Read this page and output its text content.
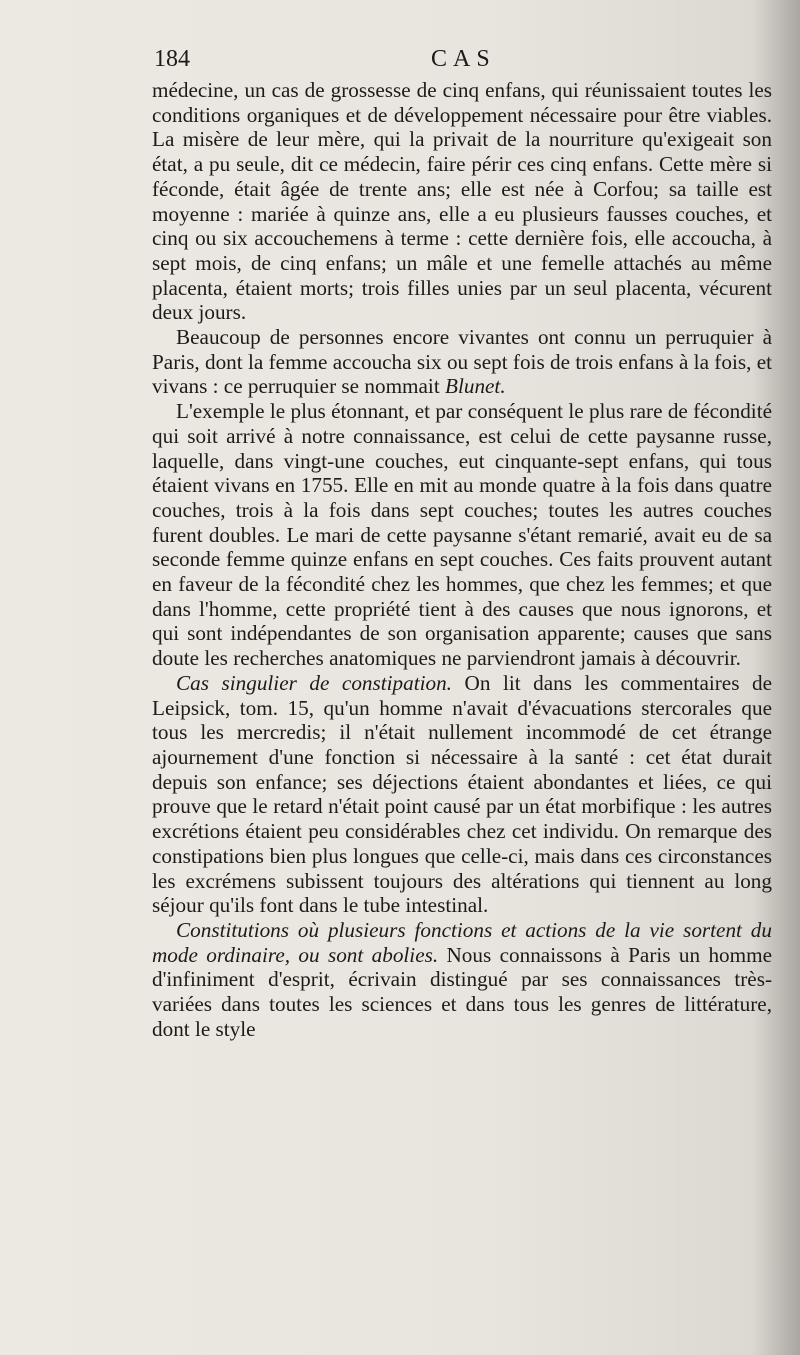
184	CAS

médecine, un cas de grossesse de cinq enfans, qui réunissaient toutes les conditions organiques et de développement nécessaire pour être viables. La misère de leur mère, qui la privait de la nourriture qu'exigeait son état, a pu seule, dit ce médecin, faire périr ces cinq enfans. Cette mère si féconde, était âgée de trente ans; elle est née à Corfou; sa taille est moyenne : mariée à quinze ans, elle a eu plusieurs fausses couches, et cinq ou six accouchemens à terme : cette dernière fois, elle accoucha, à sept mois, de cinq enfans; un mâle et une femelle attachés au même placenta, étaient morts; trois filles unies par un seul placenta, vécurent deux jours.

Beaucoup de personnes encore vivantes ont connu un perruquier à Paris, dont la femme accoucha six ou sept fois de trois enfans à la fois, et vivans : ce perruquier se nommait Blunet.

L'exemple le plus étonnant, et par conséquent le plus rare de fécondité qui soit arrivé à notre connaissance, est celui de cette paysanne russe, laquelle, dans vingt-une couches, eut cinquante-sept enfans, qui tous étaient vivans en 1755. Elle en mit au monde quatre à la fois dans quatre couches, trois à la fois dans sept couches; toutes les autres couches furent doubles. Le mari de cette paysanne s'étant remarié, avait eu de sa seconde femme quinze enfans en sept couches. Ces faits prouvent autant en faveur de la fécondité chez les hommes, que chez les femmes; et que dans l'homme, cette propriété tient à des causes que nous ignorons, et qui sont indépendantes de son organisation apparente; causes que sans doute les recherches anatomiques ne parviendront jamais à découvrir.

Cas singulier de constipation. On lit dans les commentaires de Leipsick, tom. 15, qu'un homme n'avait d'évacuations stercorales que tous les mercredis; il n'était nullement incommodé de cet étrange ajournement d'une fonction si nécessaire à la santé : cet état durait depuis son enfance; ses déjections étaient abondantes et liées, ce qui prouve que le retard n'était point causé par un état morbifique : les autres excrétions étaient peu considérables chez cet individu. On remarque des constipations bien plus longues que celle-ci, mais dans ces circonstances les excrémens subissent toujours des altérations qui tiennent au long séjour qu'ils font dans le tube intestinal.

Constitutions où plusieurs fonctions et actions de la vie sortent du mode ordinaire, ou sont abolies. Nous connaissons à Paris un homme d'infiniment d'esprit, écrivain distingué par ses connaissances très-variées dans toutes les sciences et dans tous les genres de littérature, dont le style
